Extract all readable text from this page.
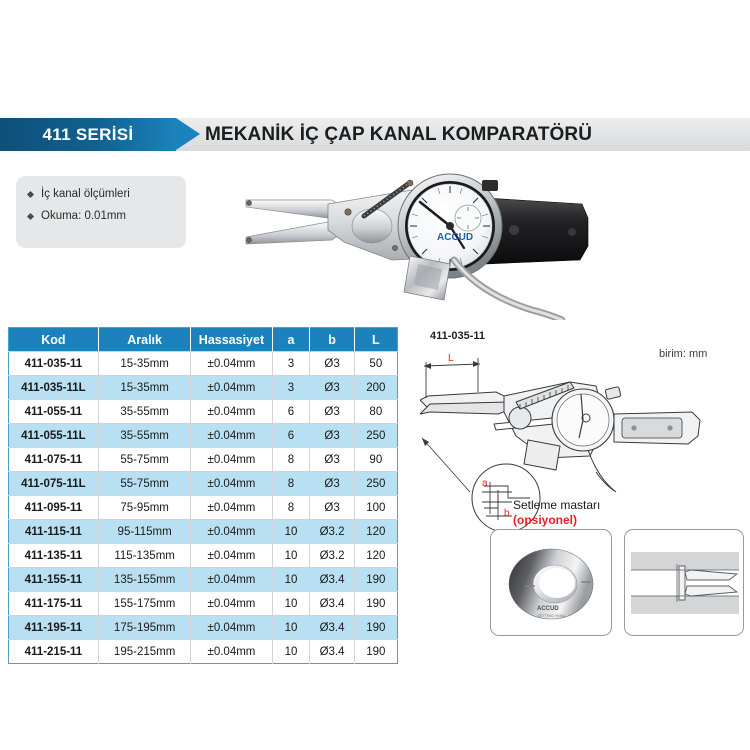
411 SERİSİ	MEKANİK İÇ ÇAP KANAL KOMPARATÖRÜ
İç kanal ölçümleri
Okuma: 0.01mm
ACCUD
411-035-11
Kod	Aralık	Hassasiyet	a	b	L
411-035-11	15-35mm	±0.04mm	3	Ø3	50
411-035-11L	15-35mm	±0.04mm	3	Ø3	200
411-055-11	35-55mm	±0.04mm	6	Ø3	80
411-055-11L	35-55mm	±0.04mm	6	Ø3	250
411-075-11	55-75mm	±0.04mm	8	Ø3	90
411-075-11L	55-75mm	±0.04mm	8	Ø3	250
411-095-11	75-95mm	±0.04mm	8	Ø3	100
411-115-11	95-115mm	±0.04mm	10	Ø3.2	120
411-135-11	115-135mm	±0.04mm	10	Ø3.2	120
411-155-11	135-155mm	±0.04mm	10	Ø3.4	190
411-175-11	155-175mm	±0.04mm	10	Ø3.4	190
411-195-11	175-195mm	±0.04mm	10	Ø3.4	190
411-215-11	195-215mm	±0.04mm	10	Ø3.4	190
birim: mm
L
a
b
Setleme mastarı
(opsiyonel)
ACCUD
SETTING RING
